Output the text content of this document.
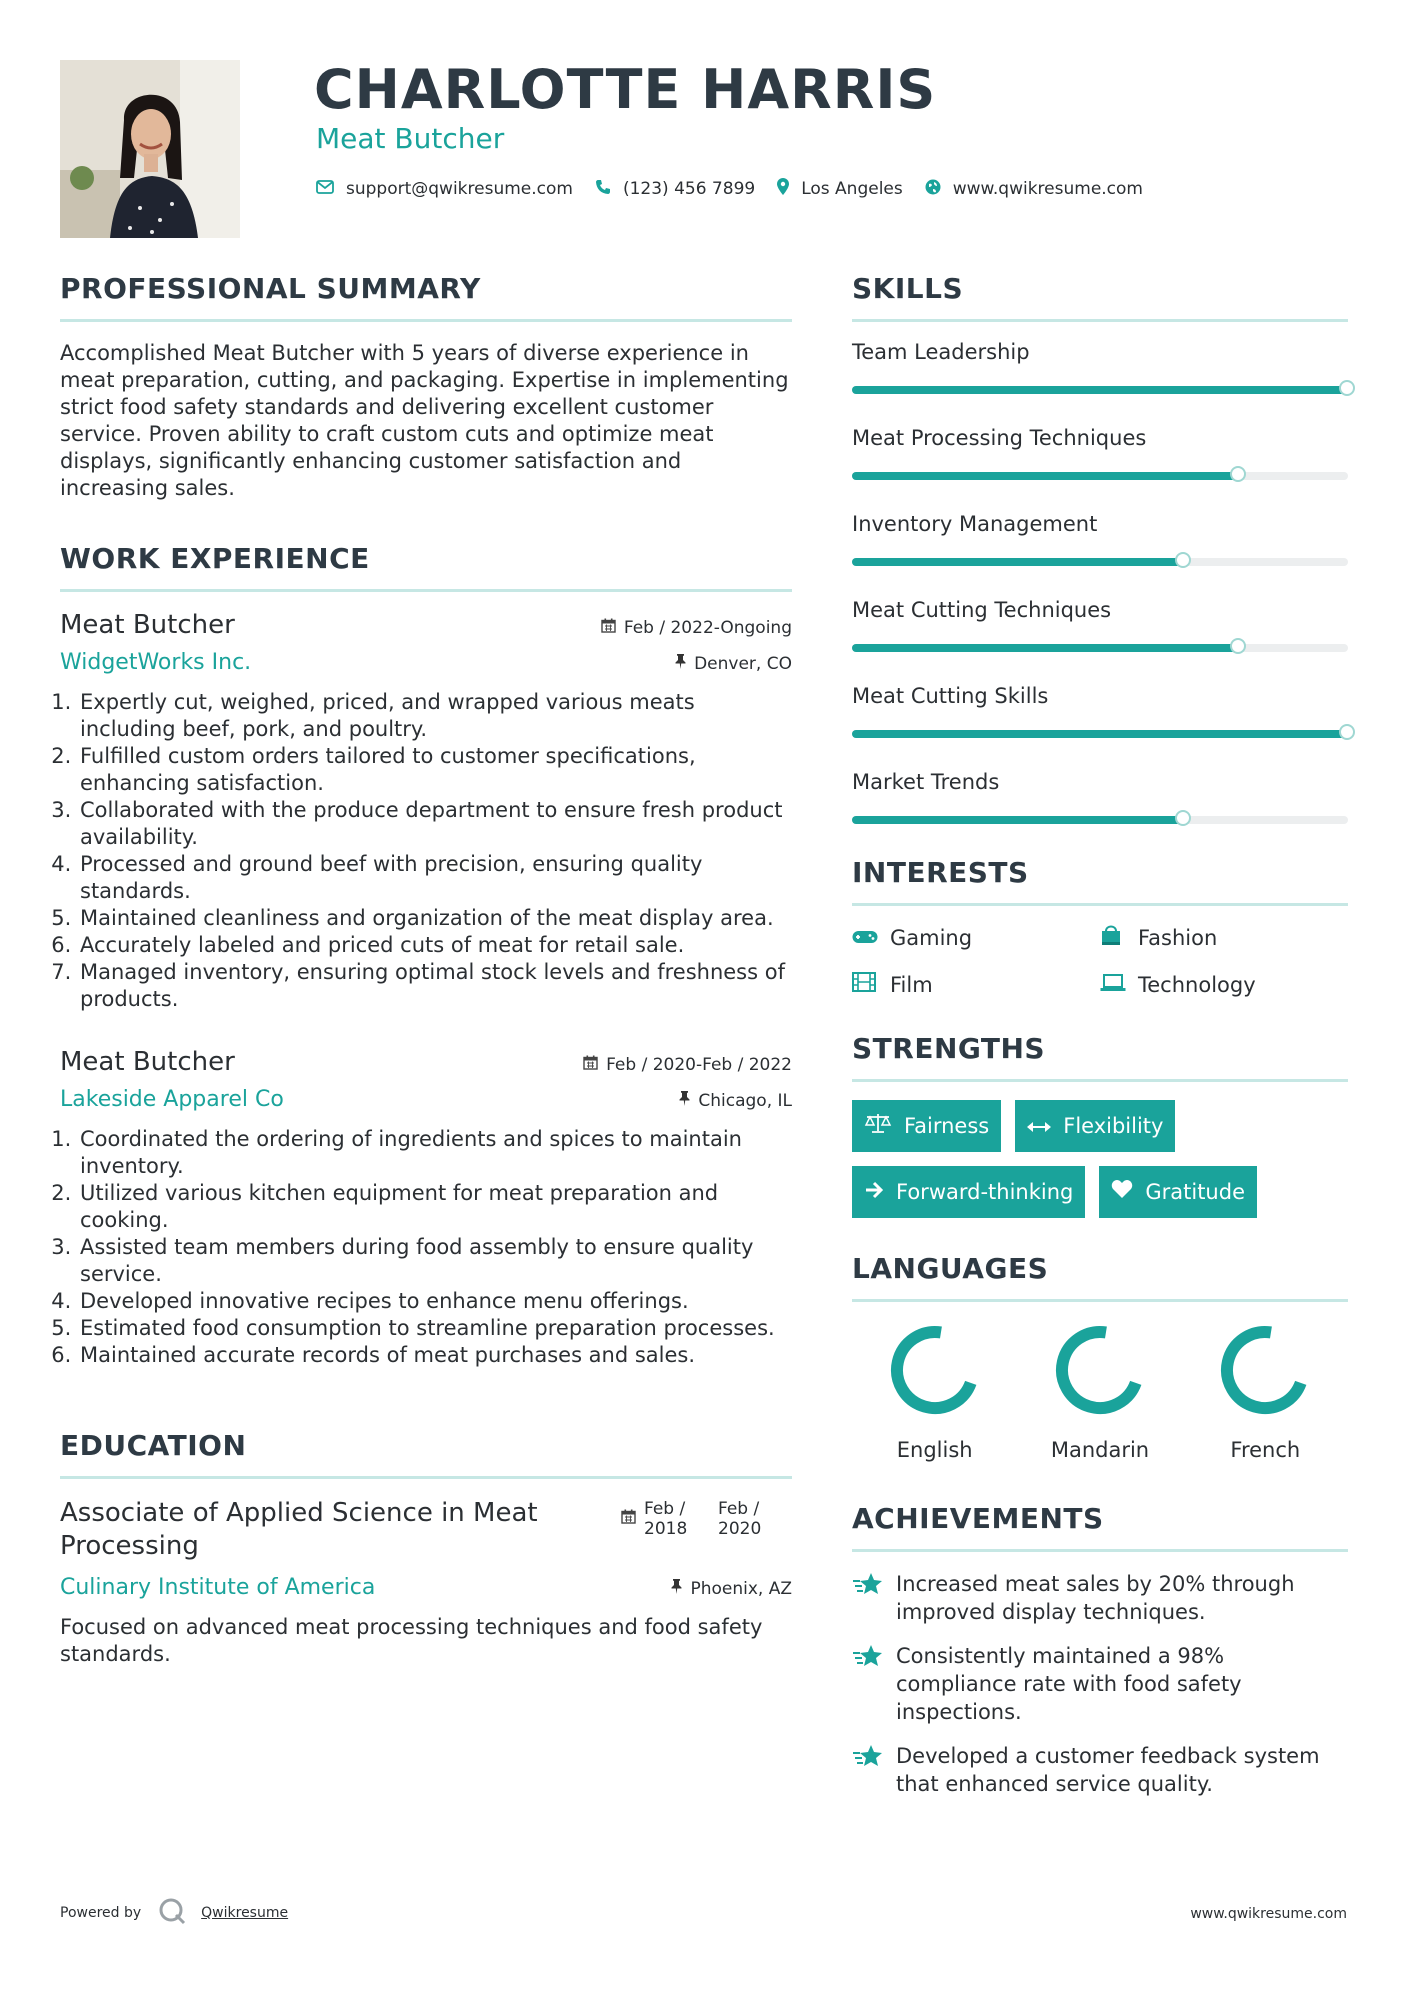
CHARLOTTE HARRIS
Meat Butcher
support@qwikresume.com	(123) 456 7899	Los Angeles	www.qwikresume.com
PROFESSIONAL SUMMARY

Accomplished Meat Butcher with 5 years of diverse experience in meat preparation, cutting, and packaging. Expertise in implementing strict food safety standards and delivering excellent customer service. Proven ability to craft custom cuts and optimize meat displays, significantly enhancing customer satisfaction and increasing sales.

WORK EXPERIENCE
Meat Butcher	Feb / 2022-Ongoing
WidgetWorks Inc.	Denver, CO
1. Expertly cut, weighed, priced, and wrapped various meats including beef, pork, and poultry.
2. Fulfilled custom orders tailored to customer specifications, enhancing satisfaction.
3. Collaborated with the produce department to ensure fresh product availability.
4. Processed and ground beef with precision, ensuring quality standards.
5. Maintained cleanliness and organization of the meat display area.
6. Accurately labeled and priced cuts of meat for retail sale.
7. Managed inventory, ensuring optimal stock levels and freshness of products.
Meat Butcher	Feb / 2020-Feb / 2022
Lakeside Apparel Co	Chicago, IL
1. Coordinated the ordering of ingredients and spices to maintain inventory.
2. Utilized various kitchen equipment for meat preparation and cooking.
3. Assisted team members during food assembly to ensure quality service.
4. Developed innovative recipes to enhance menu offerings.
5. Estimated food consumption to streamline preparation processes.
6. Maintained accurate records of meat purchases and sales.
EDUCATION
Associate of Applied Science in Meat Processing
Feb /
2018
Feb /
2020
Culinary Institute of America	Phoenix, AZ

Focused on advanced meat processing techniques and food safety standards.

SKILLS
Team Leadership
Meat Processing Techniques
Inventory Management
Meat Cutting Techniques
Meat Cutting Skills
Market Trends
INTERESTS
Gaming	Fashion
Film	Technology
STRENGTHS
Fairness	Flexibility
Forward-thinking	Gratitude
LANGUAGES
English	Mandarin	French
ACHIEVEMENTS
Increased meat sales by 20% through improved display techniques.
Consistently maintained a 98% compliance rate with food safety inspections.
Developed a customer feedback system that enhanced service quality.
Powered by	Qwikresume	www.qwikresume.com
